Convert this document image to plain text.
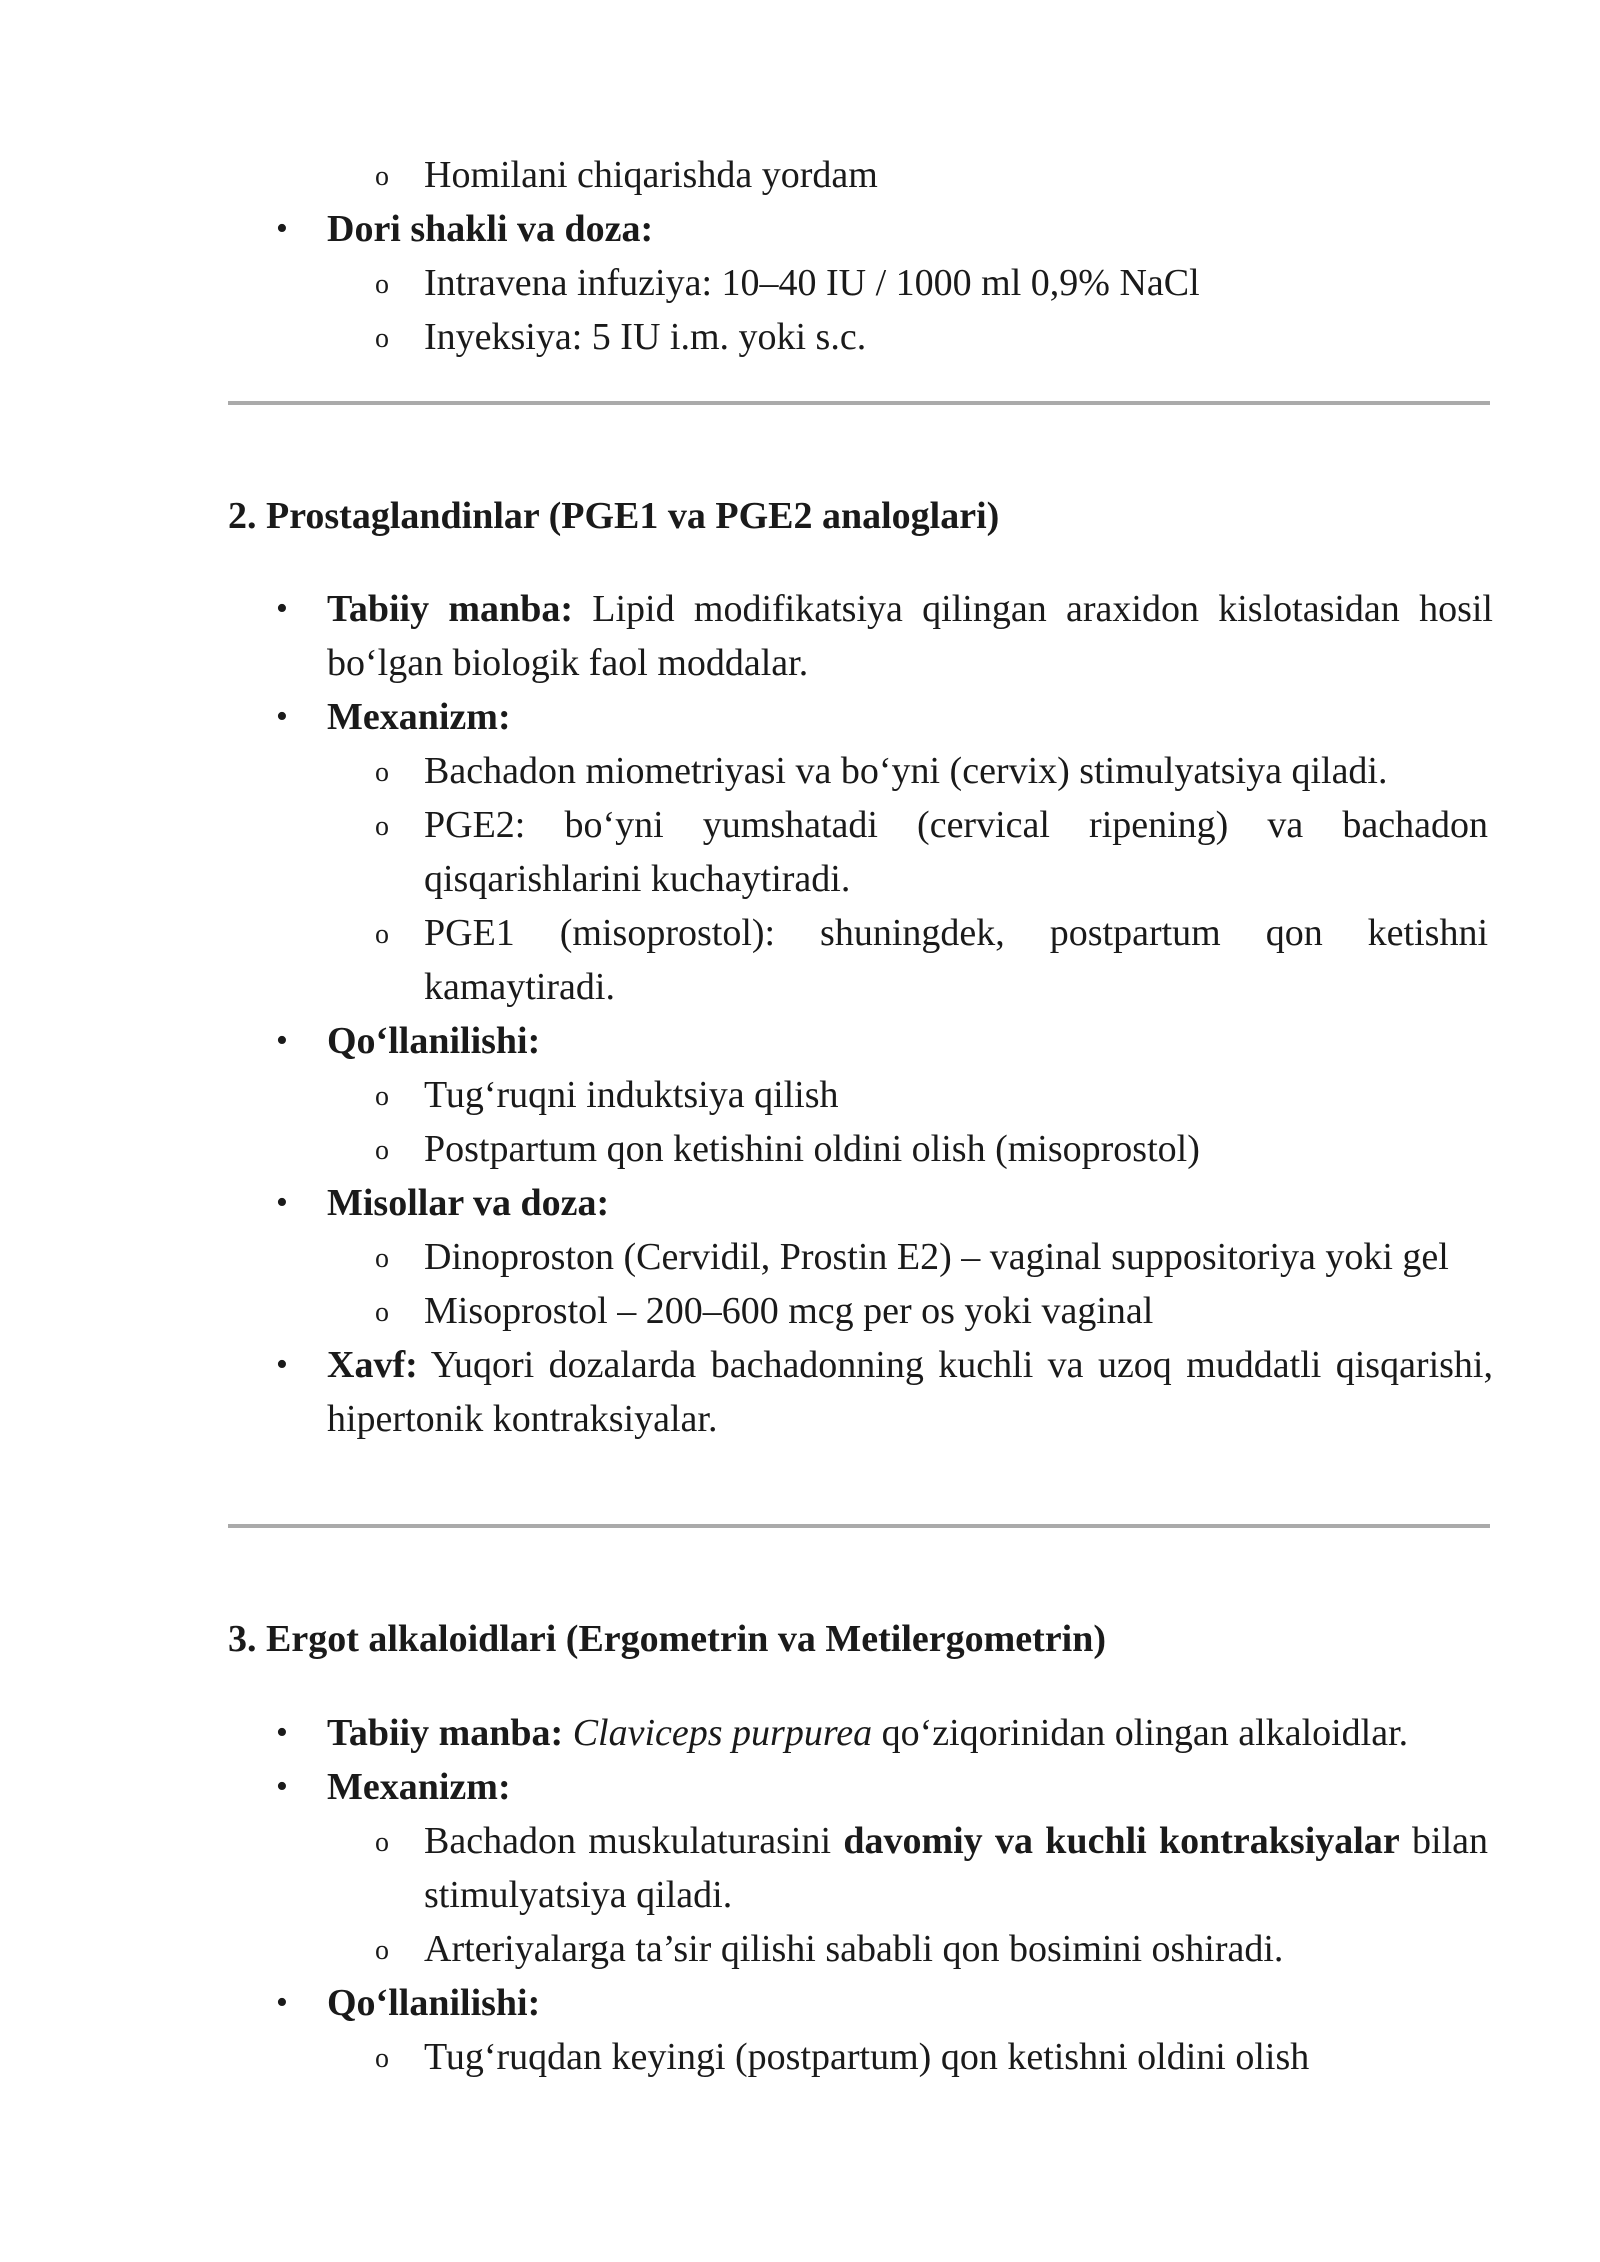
o Homilani chiqarishda yordam
• Dori shakli va doza:
o Intravena infuziya: 10–40 IU / 1000 ml 0,9% NaCl
o Inyeksiya: 5 IU i.m. yoki s.c.
2. Prostaglandinlar (PGE1 va PGE2 analoglari)
• Tabiiy manba: Lipid modifikatsiya qilingan araxidon kislotasidan hosil bo‘lgan biologik faol moddalar.
• Mexanizm:
o Bachadon miometriyasi va bo‘yni (cervix) stimulyatsiya qiladi.
o PGE2: bo‘yni yumshatadi (cervical ripening) va bachadon qisqarishlarini kuchaytiradi.
o PGE1 (misoprostol): shuningdek, postpartum qon ketishni kamaytiradi.
• Qo‘llanilishi:
o Tug‘ruqni induktsiya qilish
o Postpartum qon ketishini oldini olish (misoprostol)
• Misollar va doza:
o Dinoproston (Cervidil, Prostin E2) – vaginal suppositoriya yoki gel
o Misoprostol – 200–600 mcg per os yoki vaginal
• Xavf: Yuqori dozalarda bachadonning kuchli va uzoq muddatli qisqarishi, hipertonik kontraksiyalar.
3. Ergot alkaloidlari (Ergometrin va Metilergometrin)
• Tabiiy manba: Claviceps purpurea qo‘ziqorinidan olingan alkaloidlar.
• Mexanizm:
o Bachadon muskulaturasini davomiy va kuchli kontraksiyalar bilan stimulyatsiya qiladi.
o Arteriyalarga ta’sir qilishi sababli qon bosimini oshiradi.
• Qo‘llanilishi:
o Tug‘ruqdan keyingi (postpartum) qon ketishni oldini olish
